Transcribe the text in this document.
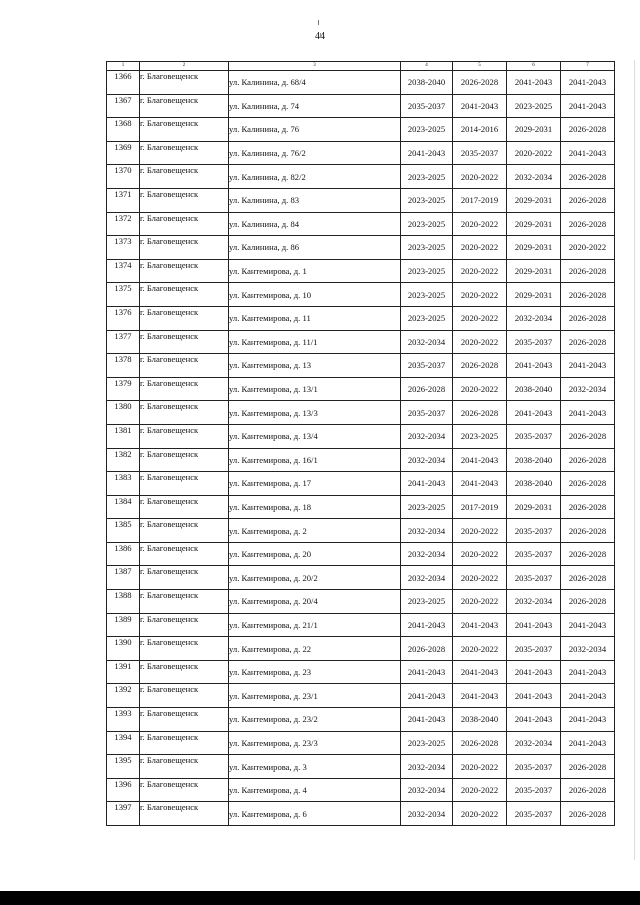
44
1	2	3	4	5	6	7
1366	г. Благовещенск	ул. Калинина, д. 68/4	2038-2040	2026-2028	2041-2043	2041-2043
1367	г. Благовещенск	ул. Калинина, д. 74	2035-2037	2041-2043	2023-2025	2041-2043
1368	г. Благовещенск	ул. Калинина, д. 76	2023-2025	2014-2016	2029-2031	2026-2028
1369	г. Благовещенск	ул. Калинина, д. 76/2	2041-2043	2035-2037	2020-2022	2041-2043
1370	г. Благовещенск	ул. Калинина, д. 82/2	2023-2025	2020-2022	2032-2034	2026-2028
1371	г. Благовещенск	ул. Калинина, д. 83	2023-2025	2017-2019	2029-2031	2026-2028
1372	г. Благовещенск	ул. Калинина, д. 84	2023-2025	2020-2022	2029-2031	2026-2028
1373	г. Благовещенск	ул. Калинина, д. 86	2023-2025	2020-2022	2029-2031	2020-2022
1374	г. Благовещенск	ул. Кантемирова, д. 1	2023-2025	2020-2022	2029-2031	2026-2028
1375	г. Благовещенск	ул. Кантемирова, д. 10	2023-2025	2020-2022	2029-2031	2026-2028
1376	г. Благовещенск	ул. Кантемирова, д. 11	2023-2025	2020-2022	2032-2034	2026-2028
1377	г. Благовещенск	ул. Кантемирова, д. 11/1	2032-2034	2020-2022	2035-2037	2026-2028
1378	г. Благовещенск	ул. Кантемирова, д. 13	2035-2037	2026-2028	2041-2043	2041-2043
1379	г. Благовещенск	ул. Кантемирова, д. 13/1	2026-2028	2020-2022	2038-2040	2032-2034
1380	г. Благовещенск	ул. Кантемирова, д. 13/3	2035-2037	2026-2028	2041-2043	2041-2043
1381	г. Благовещенск	ул. Кантемирова, д. 13/4	2032-2034	2023-2025	2035-2037	2026-2028
1382	г. Благовещенск	ул. Кантемирова, д. 16/1	2032-2034	2041-2043	2038-2040	2026-2028
1383	г. Благовещенск	ул. Кантемирова, д. 17	2041-2043	2041-2043	2038-2040	2026-2028
1384	г. Благовещенск	ул. Кантемирова, д. 18	2023-2025	2017-2019	2029-2031	2026-2028
1385	г. Благовещенск	ул. Кантемирова, д. 2	2032-2034	2020-2022	2035-2037	2026-2028
1386	г. Благовещенск	ул. Кантемирова, д. 20	2032-2034	2020-2022	2035-2037	2026-2028
1387	г. Благовещенск	ул. Кантемирова, д. 20/2	2032-2034	2020-2022	2035-2037	2026-2028
1388	г. Благовещенск	ул. Кантемирова, д. 20/4	2023-2025	2020-2022	2032-2034	2026-2028
1389	г. Благовещенск	ул. Кантемирова, д. 21/1	2041-2043	2041-2043	2041-2043	2041-2043
1390	г. Благовещенск	ул. Кантемирова, д. 22	2026-2028	2020-2022	2035-2037	2032-2034
1391	г. Благовещенск	ул. Кантемирова, д. 23	2041-2043	2041-2043	2041-2043	2041-2043
1392	г. Благовещенск	ул. Кантемирова, д. 23/1	2041-2043	2041-2043	2041-2043	2041-2043
1393	г. Благовещенск	ул. Кантемирова, д. 23/2	2041-2043	2038-2040	2041-2043	2041-2043
1394	г. Благовещенск	ул. Кантемирова, д. 23/3	2023-2025	2026-2028	2032-2034	2041-2043
1395	г. Благовещенск	ул. Кантемирова, д. 3	2032-2034	2020-2022	2035-2037	2026-2028
1396	г. Благовещенск	ул. Кантемирова, д. 4	2032-2034	2020-2022	2035-2037	2026-2028
1397	г. Благовещенск	ул. Кантемирова, д. 6	2032-2034	2020-2022	2035-2037	2026-2028
